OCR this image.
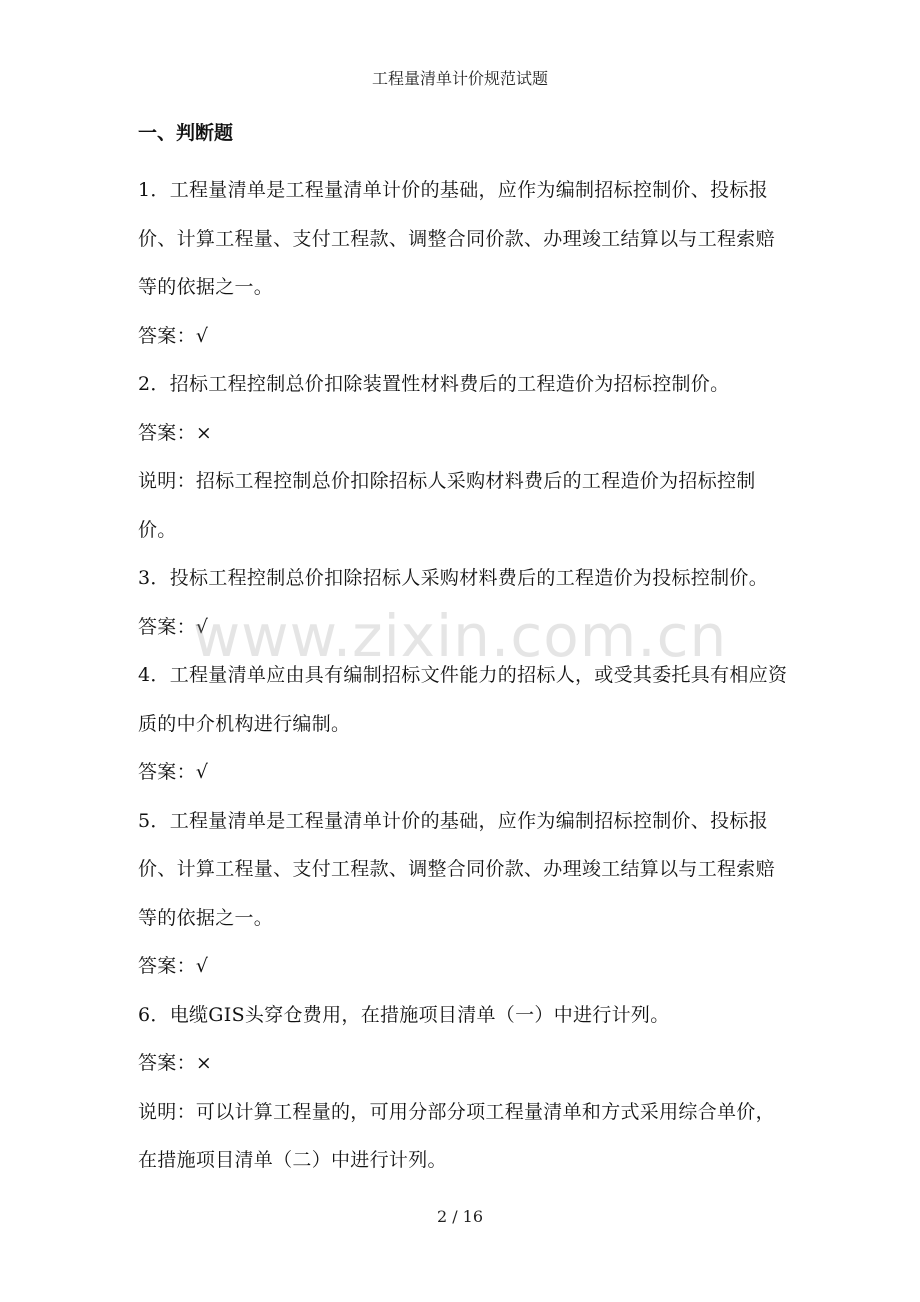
工程量清单计价规范试题
一、判断题

1．工程量清单是工程量清单计价的基础，应作为编制招标控制价、投标报价、计算工程量、支付工程款、调整合同价款、办理竣工结算以与工程索赔等的依据之一。

答案：√

2．招标工程控制总价扣除装置性材料费后的工程造价为招标控制价。

答案：×

说明：招标工程控制总价扣除招标人采购材料费后的工程造价为招标控制价。

3．投标工程控制总价扣除招标人采购材料费后的工程造价为投标控制价。

答案：√

4．工程量清单应由具有编制招标文件能力的招标人，或受其委托具有相应资质的中介机构进行编制。

答案：√

5．工程量清单是工程量清单计价的基础，应作为编制招标控制价、投标报价、计算工程量、支付工程款、调整合同价款、办理竣工结算以与工程索赔等的依据之一。

答案：√

6．电缆GIS头穿仓费用，在措施项目清单（一）中进行计列。

答案：×

说明：可以计算工程量的，可用分部分项工程量清单和方式采用综合单价，在措施项目清单（二）中进行计列。

www.zixin.com.cn
2 / 16
